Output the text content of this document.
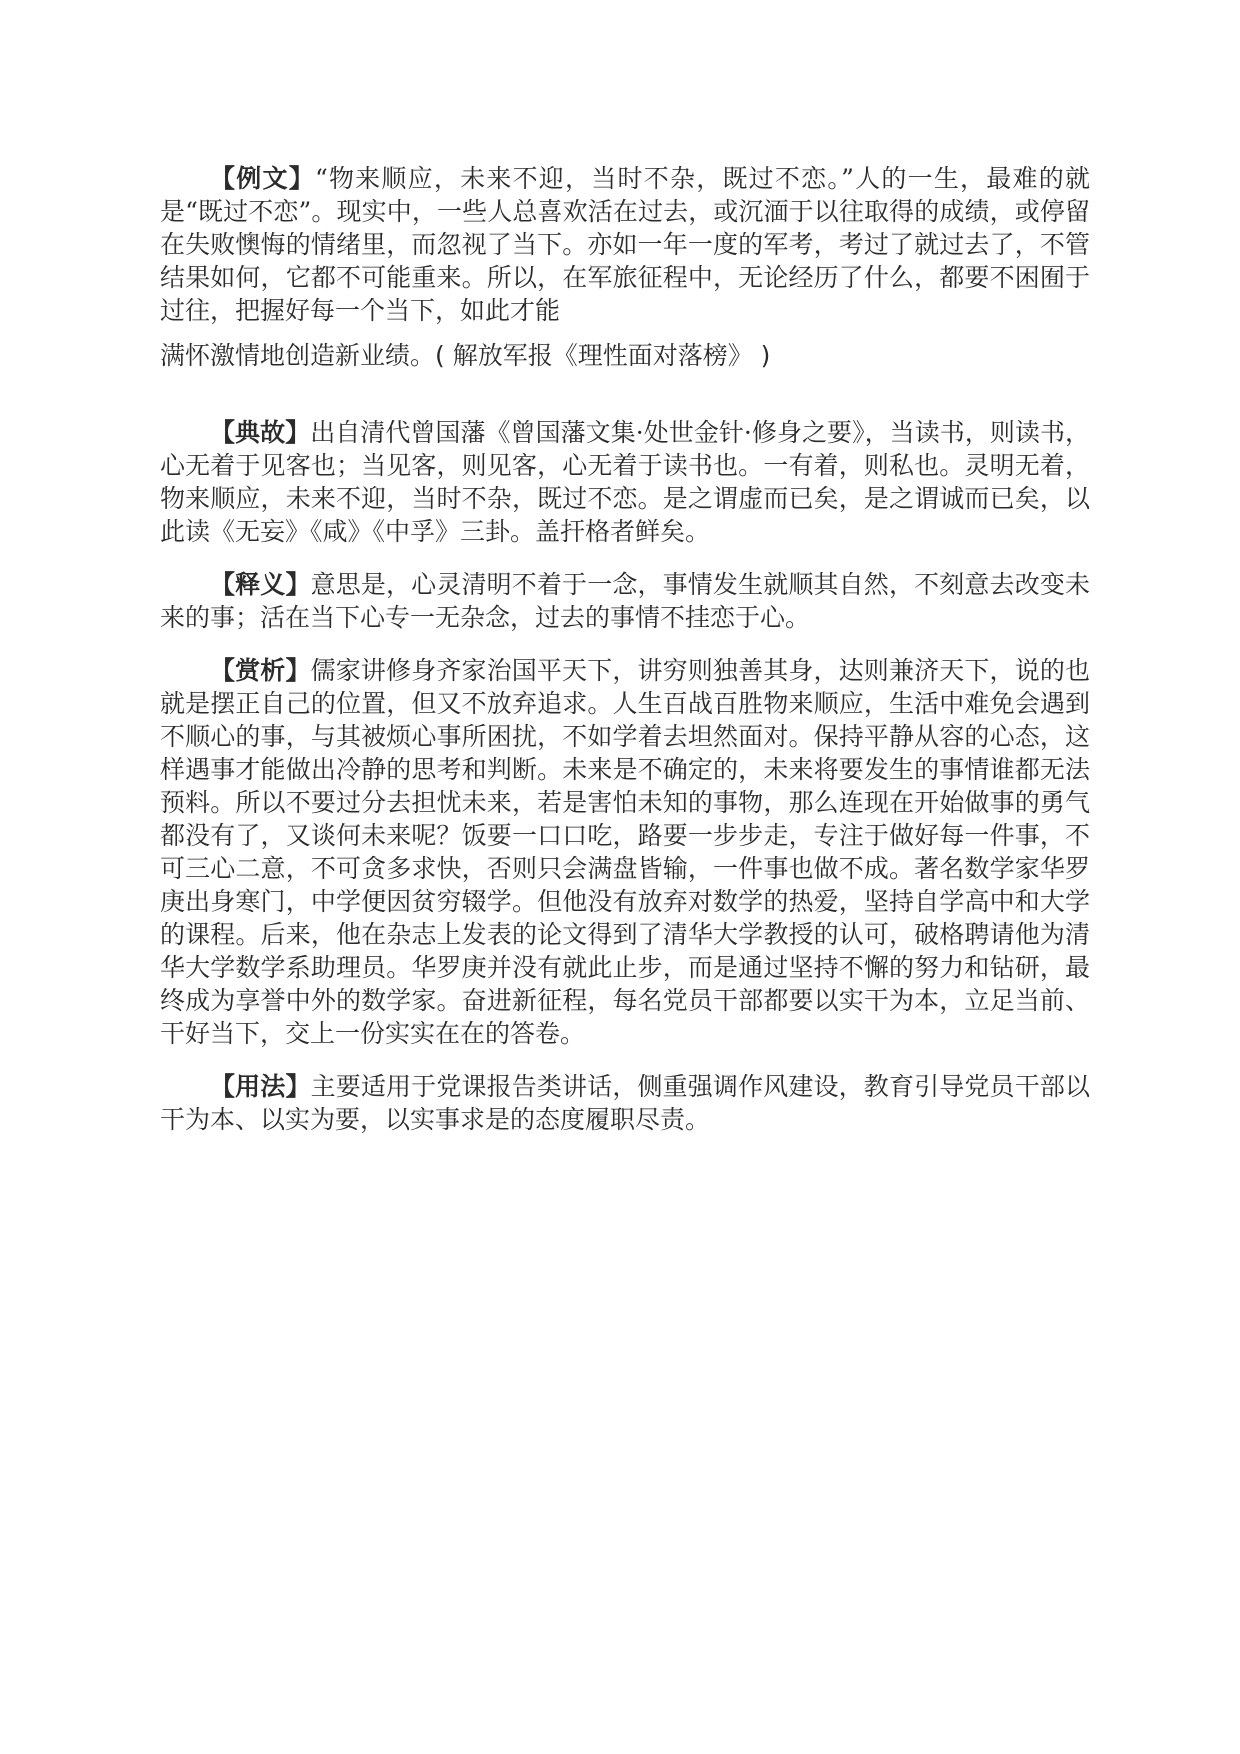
【例文】“物来顺应，未来不迎，当时不杂，既过不恋。”人的一生，最难的就是“既过不恋”。现实中，一些人总喜欢活在过去，或沉湎于以往取得的成绩，或停留在失败懊悔的情绪里，而忽视了当下。亦如一年一度的军考，考过了就过去了，不管结果如何，它都不可能重来。所以，在军旅征程中，无论经历了什么，都要不困囿于过往，把握好每一个当下，如此才能
满怀激情地创造新业绩。( 解放军报《理性面对落榜》 )

【典故】出自清代曾国藩《曾国藩文集·处世金针·修身之要》，当读书，则读书，心无着于见客也；当见客，则见客，心无着于读书也。一有着，则私也。灵明无着，物来顺应，未来不迎，当时不杂，既过不恋。是之谓虚而已矣，是之谓诚而已矣，以此读《无妄》《咸》《中孚》三卦。盖扞格者鲜矣。

【释义】意思是，心灵清明不着于一念，事情发生就顺其自然，不刻意去改变未来的事；活在当下心专一无杂念，过去的事情不挂恋于心。

【赏析】儒家讲修身齐家治国平天下，讲穷则独善其身，达则兼济天下，说的也就是摆正自己的位置，但又不放弃追求。人生百战百胜物来顺应，生活中难免会遇到不顺心的事，与其被烦心事所困扰，不如学着去坦然面对。保持平静从容的心态，这样遇事才能做出冷静的思考和判断。未来是不确定的，未来将要发生的事情谁都无法预料。所以不要过分去担忧未来，若是害怕未知的事物，那么连现在开始做事的勇气都没有了，又谈何未来呢？饭要一口口吃，路要一步步走，专注于做好每一件事，不可三心二意，不可贪多求快，否则只会满盘皆输，一件事也做不成。著名数学家华罗庚出身寒门，中学便因贫穷辍学。但他没有放弃对数学的热爱，坚持自学高中和大学的课程。后来，他在杂志上发表的论文得到了清华大学教授的认可，破格聘请他为清华大学数学系助理员。华罗庚并没有就此止步，而是通过坚持不懈的努力和钻研，最终成为享誉中外的数学家。奋进新征程，每名党员干部都要以实干为本，立足当前、干好当下，交上一份实实在在的答卷。

【用法】主要适用于党课报告类讲话，侧重强调作风建设，教育引导党员干部以干为本、以实为要，以实事求是的态度履职尽责。
